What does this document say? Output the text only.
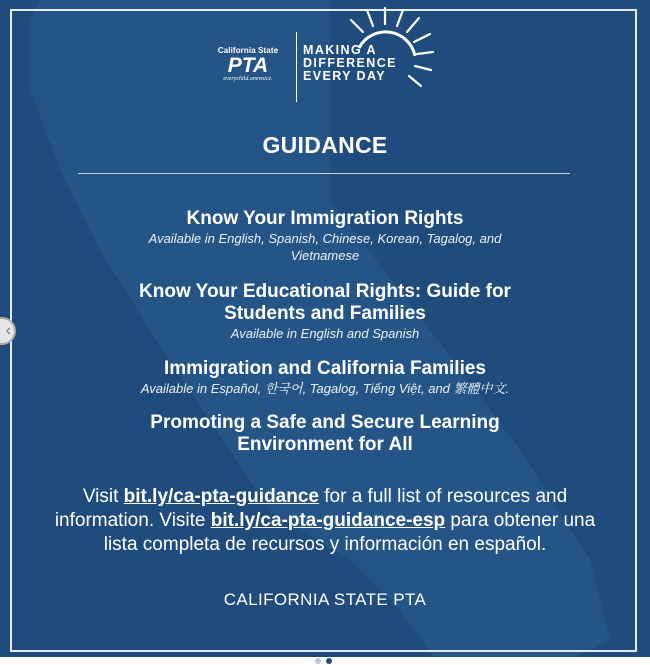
California State
PTA
everychild.onevoice.
MAKING A
DIFFERENCE
EVERY DAY
GUIDANCE
Know Your Immigration Rights
Available in English, Spanish, Chinese, Korean, Tagalog, and
Vietnamese
Know Your Educational Rights: Guide for
Students and Families
Available in English and Spanish
Immigration and California Families
Available in Español, 한국어, Tagalog, Tiếng Việt, and 繁體中文.
Promoting a Safe and Secure Learning
Environment for All
Visit bit.ly/ca-pta-guidance for a full list of resources and information. Visite bit.ly/ca-pta-guidance-esp para obtener una lista completa de recursos y información en español.
CALIFORNIA STATE PTA
‹
